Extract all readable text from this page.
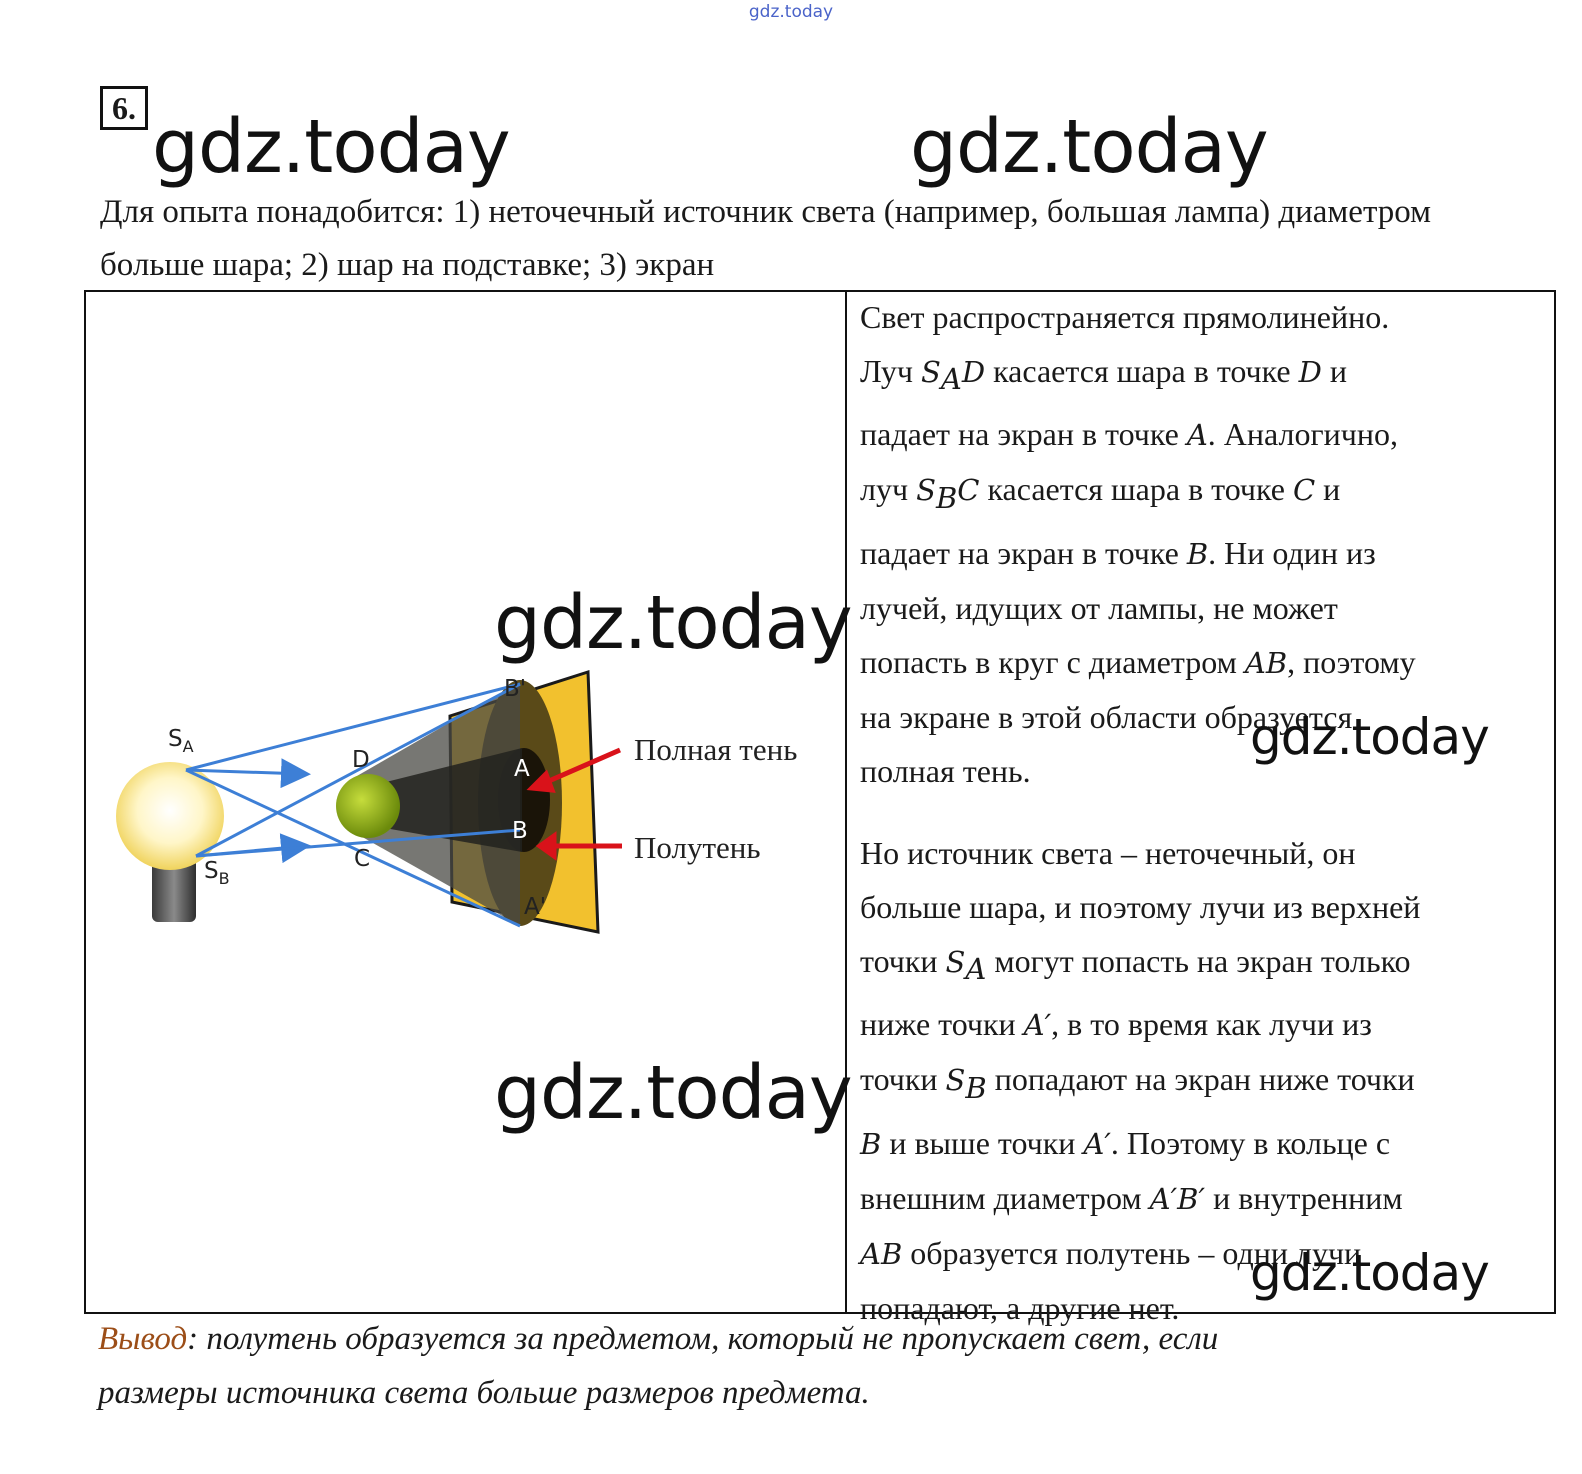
gdz.today
6. gdz.today	gdz.today
Для опыта понадобится: 1) неточечный источник света (например, большая лампа) диаметром больше шара; 2) шар на подставке; 3) экран
$S_A$
$S_B$
D
C
A
B
B'
A'
Полная тень
Полутень
gdz.today
gdz.today
Свет распространяется прямолинейно.
Луч $S_AD$ касается шара в точке D и
падает на экран в точке A. Аналогично,
луч $S_BC$ касается шара в точке C и
падает на экран в точке B. Ни один из
лучей, идущих от лампы, не может
попасть в круг с диаметром AB, поэтому
на экране в этой области образуется
полная тень.
gdz.today
Но источник света – неточечный, он
больше шара, и поэтому лучи из верхней
точки $S_A$ могут попасть на экран только
ниже точки A′, в то время как лучи из
точки $S_B$ попадают на экран ниже точки
B и выше точки A′. Поэтому в кольце с
внешним диаметром A′B′ и внутренним
AB образуется полутень – одни лучи
попадают, а другие нет.
gdz.today
Вывод: полутень образуется за предметом, который не пропускает свет, если
размеры источника света больше размеров предмета.
